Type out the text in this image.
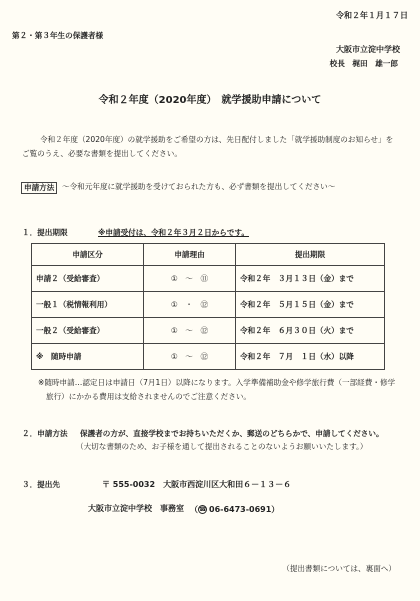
令和２年１月１７日
第２・第３年生の保護者様
大阪市立淀中学校
校長　梶田　雄一郎
令和２年度（2020年度）　就学援助申請について
令和２年度（2020年度）の就学援助をご希望の方は、先日配付しました「就学援助制度のお知らせ」を
ご覧のうえ、必要な書類を提出してください。
申請方法	～令和元年度に就学援助を受けておられた方も、必ず書類を提出してください～
１．提出期限	※申請受付は、令和２年３月２日からです。
申請区分	申請理由	提出期限
申請２（受給審査）	①　～　⑪	令和２年　３月１３日（金）まで
一般１（税情報利用）	①　・　⑫	令和２年　５月１５日（金）まで
一般２（受給審査）	①　～　⑫	令和２年　６月３０日（火）まで
※　随時申請	①　～　⑫	令和２年　７月　１日（水）以降
※随時申請…認定日は申請日（7月1日）以降になります。入学準備補助金や修学旅行費（一部経費・修学
旅行）にかかる費用は支給されませんのでご注意ください。
２．申請方法 保護者の方が、直接学校までお持ちいただくか、郵送のどちらかで、申請してください。
（大切な書類のため、お子様を通して提出されることのないようお願いいたします。）
３．提出先	〒 555-0032　大阪市西淀川区大和田６－１３－６
大阪市立淀中学校　事務室 （☎ 06-6473-0691）
（提出書類については、裏面へ）
